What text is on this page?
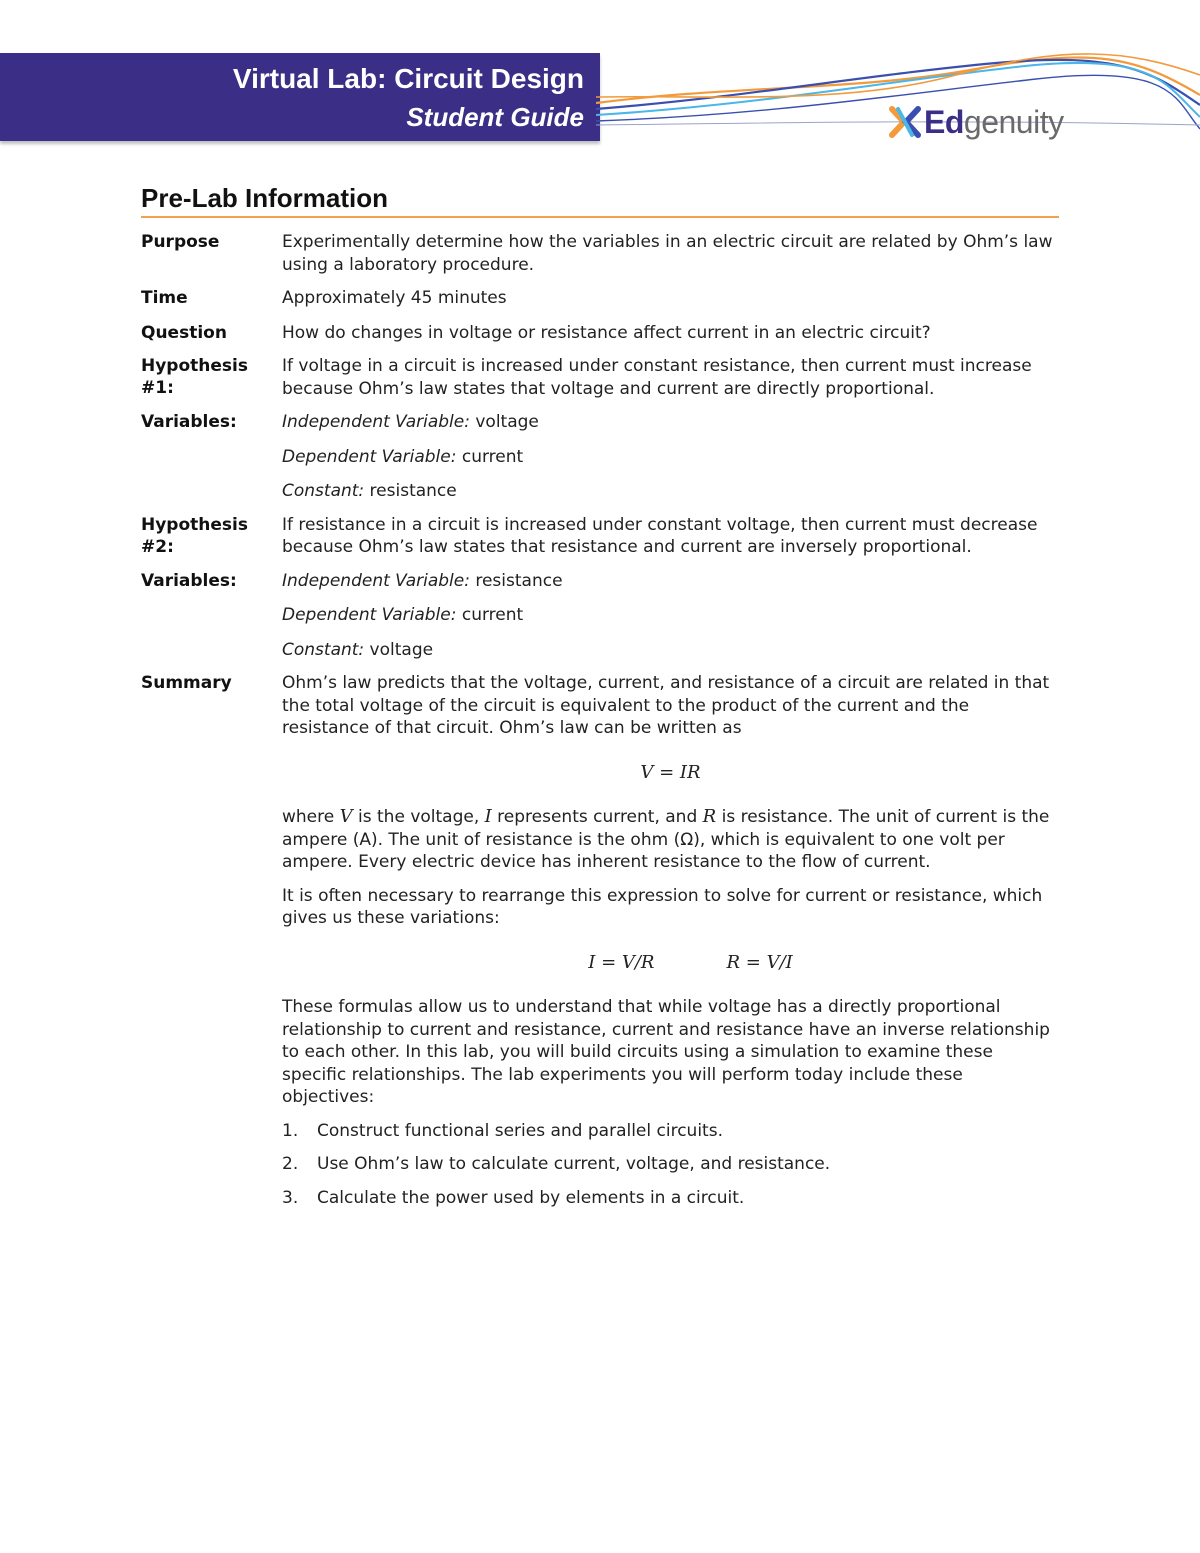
Virtual Lab: Circuit Design
Student Guide	Edgenuity
Pre-Lab Information
Purpose	Experimentally determine how the variables in an electric circuit are related by Ohm’s law using a laboratory procedure.
Time	Approximately 45 minutes
Question	How do changes in voltage or resistance affect current in an electric circuit?
Hypothesis #1:
If voltage in a circuit is increased under constant resistance, then current must increase because Ohm’s law states that voltage and current are directly proportional.
Variables:	Independent Variable: voltage

Dependent Variable: current

Constant: resistance

Hypothesis #2:
If resistance in a circuit is increased under constant voltage, then current must decrease because Ohm’s law states that resistance and current are inversely proportional.
Variables:	Independent Variable: resistance

Dependent Variable: current

Constant: voltage

Summary	Ohm’s law predicts that the voltage, current, and resistance of a circuit are related in that the total voltage of the circuit is equivalent to the product of the current and the resistance of that circuit. Ohm’s law can be written as

V = IR

where V is the voltage, I represents current, and R is resistance. The unit of current is the ampere (A). The unit of resistance is the ohm (Ω), which is equivalent to one volt per ampere. Every electric device has inherent resistance to the flow of current.

It is often necessary to rearrange this expression to solve for current or resistance, which gives us these variations:

I = V/R	R = V/I

These formulas allow us to understand that while voltage has a directly proportional relationship to current and resistance, current and resistance have an inverse relationship to each other. In this lab, you will build circuits using a simulation to examine these specific relationships. The lab experiments you will perform today include these objectives:

1.	Construct functional series and parallel circuits.
2.	Use Ohm’s law to calculate current, voltage, and resistance.
3.	Calculate the power used by elements in a circuit.
